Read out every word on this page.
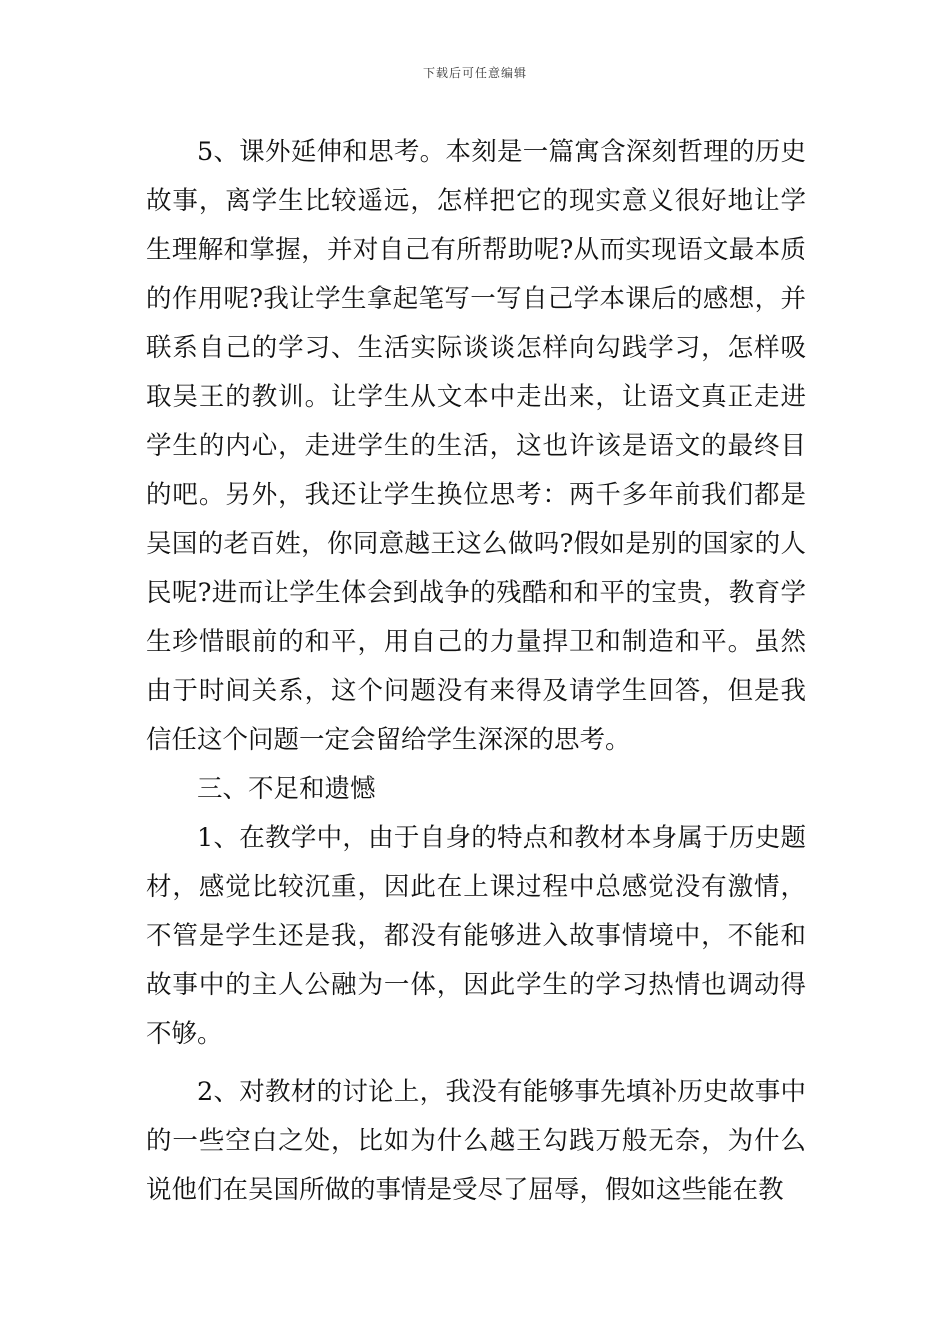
下载后可任意编辑

5、课外延伸和思考。本刻是一篇寓含深刻哲理的历史故事，离学生比较遥远，怎样把它的现实意义很好地让学生理解和掌握，并对自己有所帮助呢?从而实现语文最本质的作用呢?我让学生拿起笔写一写自己学本课后的感想，并联系自己的学习、生活实际谈谈怎样向勾践学习，怎样吸取吴王的教训。让学生从文本中走出来，让语文真正走进学生的内心，走进学生的生活，这也许该是语文的最终目的吧。另外，我还让学生换位思考：两千多年前我们都是吴国的老百姓，你同意越王这么做吗?假如是别的国家的人民呢?进而让学生体会到战争的残酷和和平的宝贵，教育学生珍惜眼前的和平，用自己的力量捍卫和制造和平。虽然由于时间关系，这个问题没有来得及请学生回答，但是我信任这个问题一定会留给学生深深的思考。

三、不足和遗憾

1、在教学中，由于自身的特点和教材本身属于历史题材，感觉比较沉重，因此在上课过程中总感觉没有激情，不管是学生还是我，都没有能够进入故事情境中，不能和故事中的主人公融为一体，因此学生的学习热情也调动得不够。

2、对教材的讨论上，我没有能够事先填补历史故事中的一些空白之处，比如为什么越王勾践万般无奈，为什么说他们在吴国所做的事情是受尽了屈辱，假如这些能在教
